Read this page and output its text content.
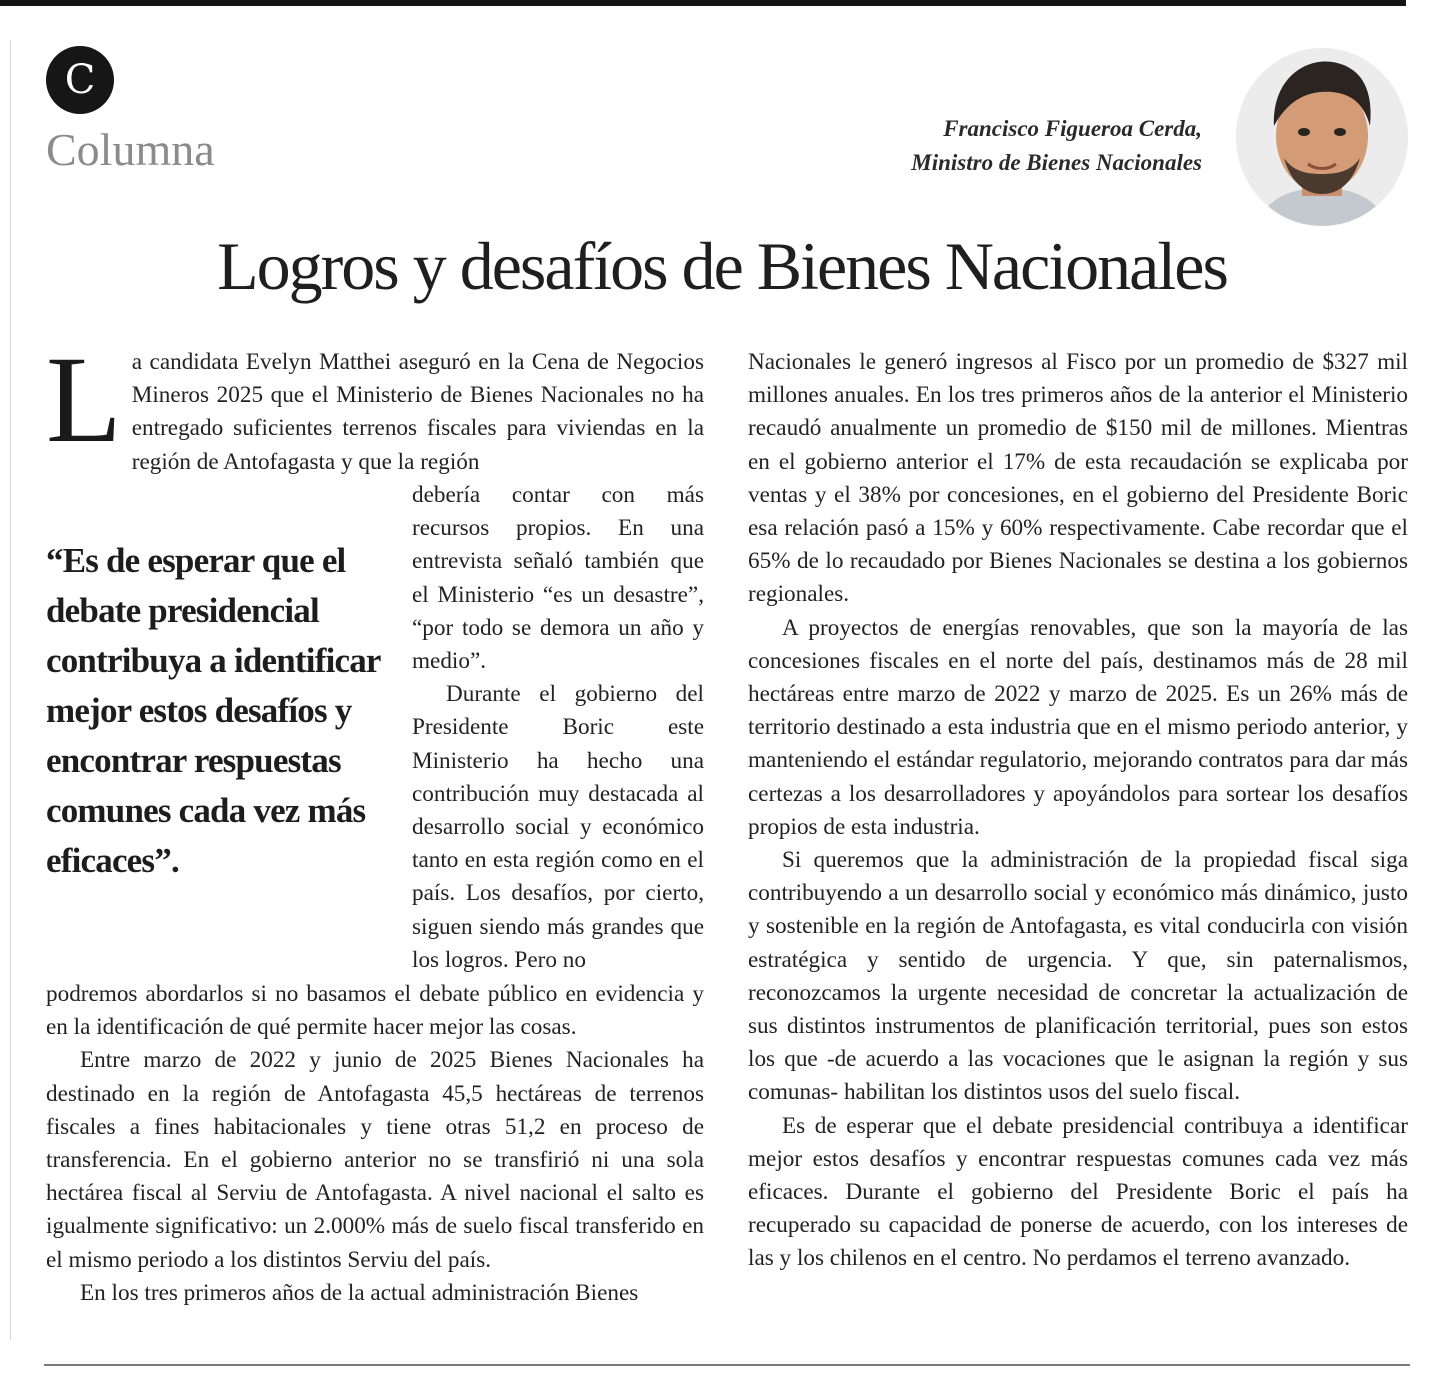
C
Columna	Francisco Figueroa Cerda,
Ministro de Bienes Nacionales
Logros y desafíos de Bienes Nacionales
L a candidata Evelyn Matthei aseguró en la Cena de Negocios Mineros 2025 que el Ministerio de Bienes Nacionales no ha entregado suficientes terrenos fiscales para viviendas en la región de Antofagasta y que la región

“Es de esperar que el debate presidencial contribuya a identificar mejor estos desafíos y encontrar respuestas comunes cada vez más eficaces”.

debería contar con más recursos propios. En una entrevista señaló también que el Ministerio “es un desastre”, “por todo se demora un año y medio”.

Durante el gobierno del Presidente Boric este Ministerio ha hecho una contribución muy destacada al desarrollo social y económico tanto en esta región como en el país. Los desafíos, por cierto, siguen siendo más grandes que los logros. Pero no

podremos abordarlos si no basamos el debate público en evidencia y en la identificación de qué permite hacer mejor las cosas.

Entre marzo de 2022 y junio de 2025 Bienes Nacionales ha destinado en la región de Antofagasta 45,5 hectáreas de terrenos fiscales a fines habitacionales y tiene otras 51,2 en proceso de transferencia. En el gobierno anterior no se transfirió ni una sola hectárea fiscal al Serviu de Antofagasta. A nivel nacional el salto es igualmente significativo: un 2.000% más de suelo fiscal transferido en el mismo periodo a los distintos Serviu del país.

En los tres primeros años de la actual administración Bienes

Nacionales le generó ingresos al Fisco por un promedio de $327 mil millones anuales. En los tres primeros años de la anterior el Ministerio recaudó anualmente un promedio de $150 mil de millones. Mientras en el gobierno anterior el 17% de esta recaudación se explicaba por ventas y el 38% por concesiones, en el gobierno del Presidente Boric esa relación pasó a 15% y 60% respectivamente. Cabe recordar que el 65% de lo recaudado por Bienes Nacionales se destina a los gobiernos regionales.

A proyectos de energías renovables, que son la mayoría de las concesiones fiscales en el norte del país, destinamos más de 28 mil hectáreas entre marzo de 2022 y marzo de 2025. Es un 26% más de territorio destinado a esta industria que en el mismo periodo anterior, y manteniendo el estándar regulatorio, mejorando contratos para dar más certezas a los desarrolladores y apoyándolos para sortear los desafíos propios de esta industria.

Si queremos que la administración de la propiedad fiscal siga contribuyendo a un desarrollo social y económico más dinámico, justo y sostenible en la región de Antofagasta, es vital conducirla con visión estratégica y sentido de urgencia. Y que, sin paternalismos, reconozcamos la urgente necesidad de concretar la actualización de sus distintos instrumentos de planificación territorial, pues son estos los que -de acuerdo a las vocaciones que le asignan la región y sus comunas- habilitan los distintos usos del suelo fiscal.

Es de esperar que el debate presidencial contribuya a identificar mejor estos desafíos y encontrar respuestas comunes cada vez más eficaces. Durante el gobierno del Presidente Boric el país ha recuperado su capacidad de ponerse de acuerdo, con los intereses de las y los chilenos en el centro. No perdamos el terreno avanzado.
